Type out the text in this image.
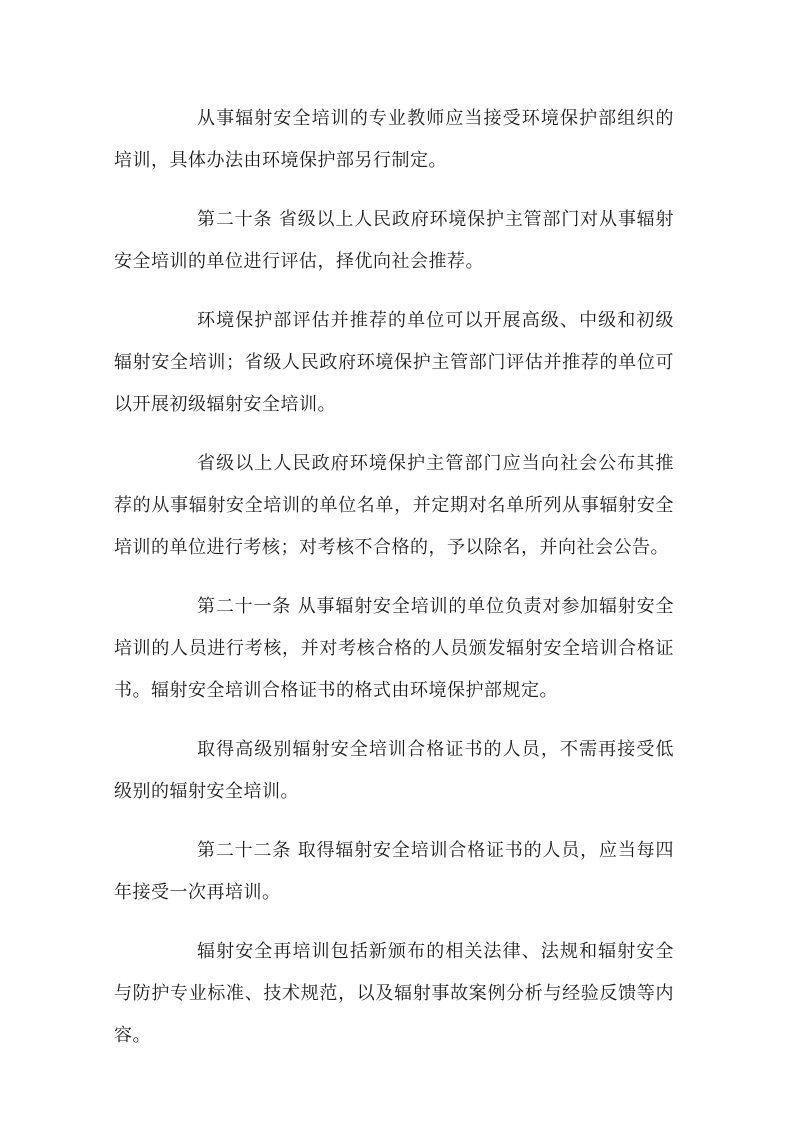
从事辐射安全培训的专业教师应当接受环境保护部组织的培训，具体办法由环境保护部另行制定。

第二十条 省级以上人民政府环境保护主管部门对从事辐射安全培训的单位进行评估，择优向社会推荐。

环境保护部评估并推荐的单位可以开展高级、中级和初级辐射安全培训；省级人民政府环境保护主管部门评估并推荐的单位可以开展初级辐射安全培训。

省级以上人民政府环境保护主管部门应当向社会公布其推荐的从事辐射安全培训的单位名单，并定期对名单所列从事辐射安全培训的单位进行考核；对考核不合格的，予以除名，并向社会公告。

第二十一条 从事辐射安全培训的单位负责对参加辐射安全培训的人员进行考核，并对考核合格的人员颁发辐射安全培训合格证书。辐射安全培训合格证书的格式由环境保护部规定。

取得高级别辐射安全培训合格证书的人员，不需再接受低级别的辐射安全培训。

第二十二条 取得辐射安全培训合格证书的人员，应当每四年接受一次再培训。

辐射安全再培训包括新颁布的相关法律、法规和辐射安全与防护专业标准、技术规范，以及辐射事故案例分析与经验反馈等内容。
